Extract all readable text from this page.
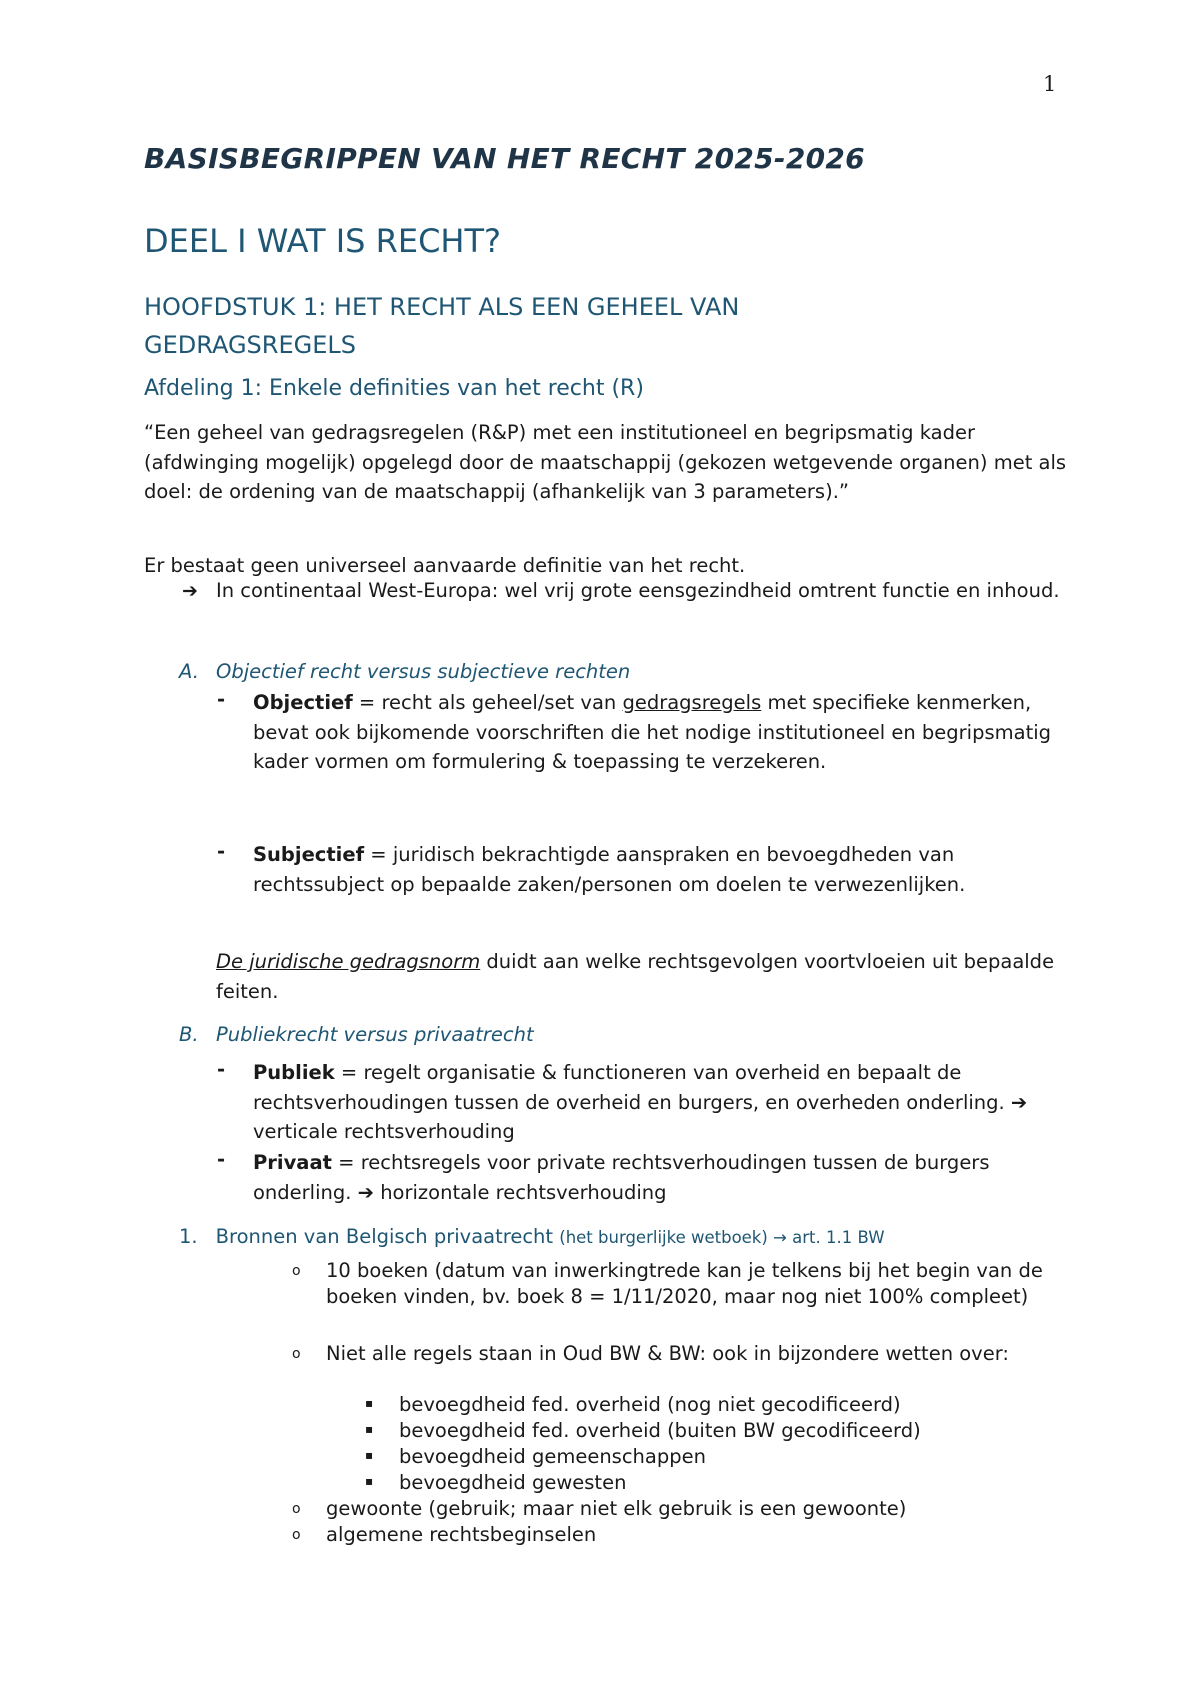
1
BASISBEGRIPPEN VAN HET RECHT 2025-2026
DEEL I WAT IS RECHT?
HOOFDSTUK 1: HET RECHT ALS EEN GEHEEL VAN
GEDRAGSREGELS
Afdeling 1: Enkele definities van het recht (R)
“Een geheel van gedragsregelen (R&P) met een institutioneel en begripsmatig kader (afdwinging mogelijk) opgelegd door de maatschappij (gekozen wetgevende organen) met als doel: de ordening van de maatschappij (afhankelijk van 3 parameters).”
Er bestaat geen universeel aanvaarde definitie van het recht.
➔ In continentaal West-Europa: wel vrij grote eensgezindheid omtrent functie en inhoud.
A. Objectief recht versus subjectieve rechten
- Objectief = recht als geheel/set van gedragsregels met specifieke kenmerken, bevat ook bijkomende voorschriften die het nodige institutioneel en begripsmatig kader vormen om formulering & toepassing te verzekeren.
- Subjectief = juridisch bekrachtigde aanspraken en bevoegdheden van rechtssubject op bepaalde zaken/personen om doelen te verwezenlijken.
De juridische gedragsnorm duidt aan welke rechtsgevolgen voortvloeien uit bepaalde feiten.
B. Publiekrecht versus privaatrecht
- Publiek = regelt organisatie & functioneren van overheid en bepaalt de rechtsverhoudingen tussen de overheid en burgers, en overheden onderling. ➔ verticale rechtsverhouding
- Privaat = rechtsregels voor private rechtsverhoudingen tussen de burgers onderling. ➔ horizontale rechtsverhouding
1. Bronnen van Belgisch privaatrecht (het burgerlijke wetboek) → art. 1.1 BW
o 10 boeken (datum van inwerkingtrede kan je telkens bij het begin van de boeken vinden, bv. boek 8 = 1/11/2020, maar nog niet 100% compleet)
o Niet alle regels staan in Oud BW & BW: ook in bijzondere wetten over:
▪ bevoegdheid fed. overheid (nog niet gecodificeerd)
▪ bevoegdheid fed. overheid (buiten BW gecodificeerd)
▪ bevoegdheid gemeenschappen
▪ bevoegdheid gewesten
o gewoonte (gebruik; maar niet elk gebruik is een gewoonte)
o algemene rechtsbeginselen
